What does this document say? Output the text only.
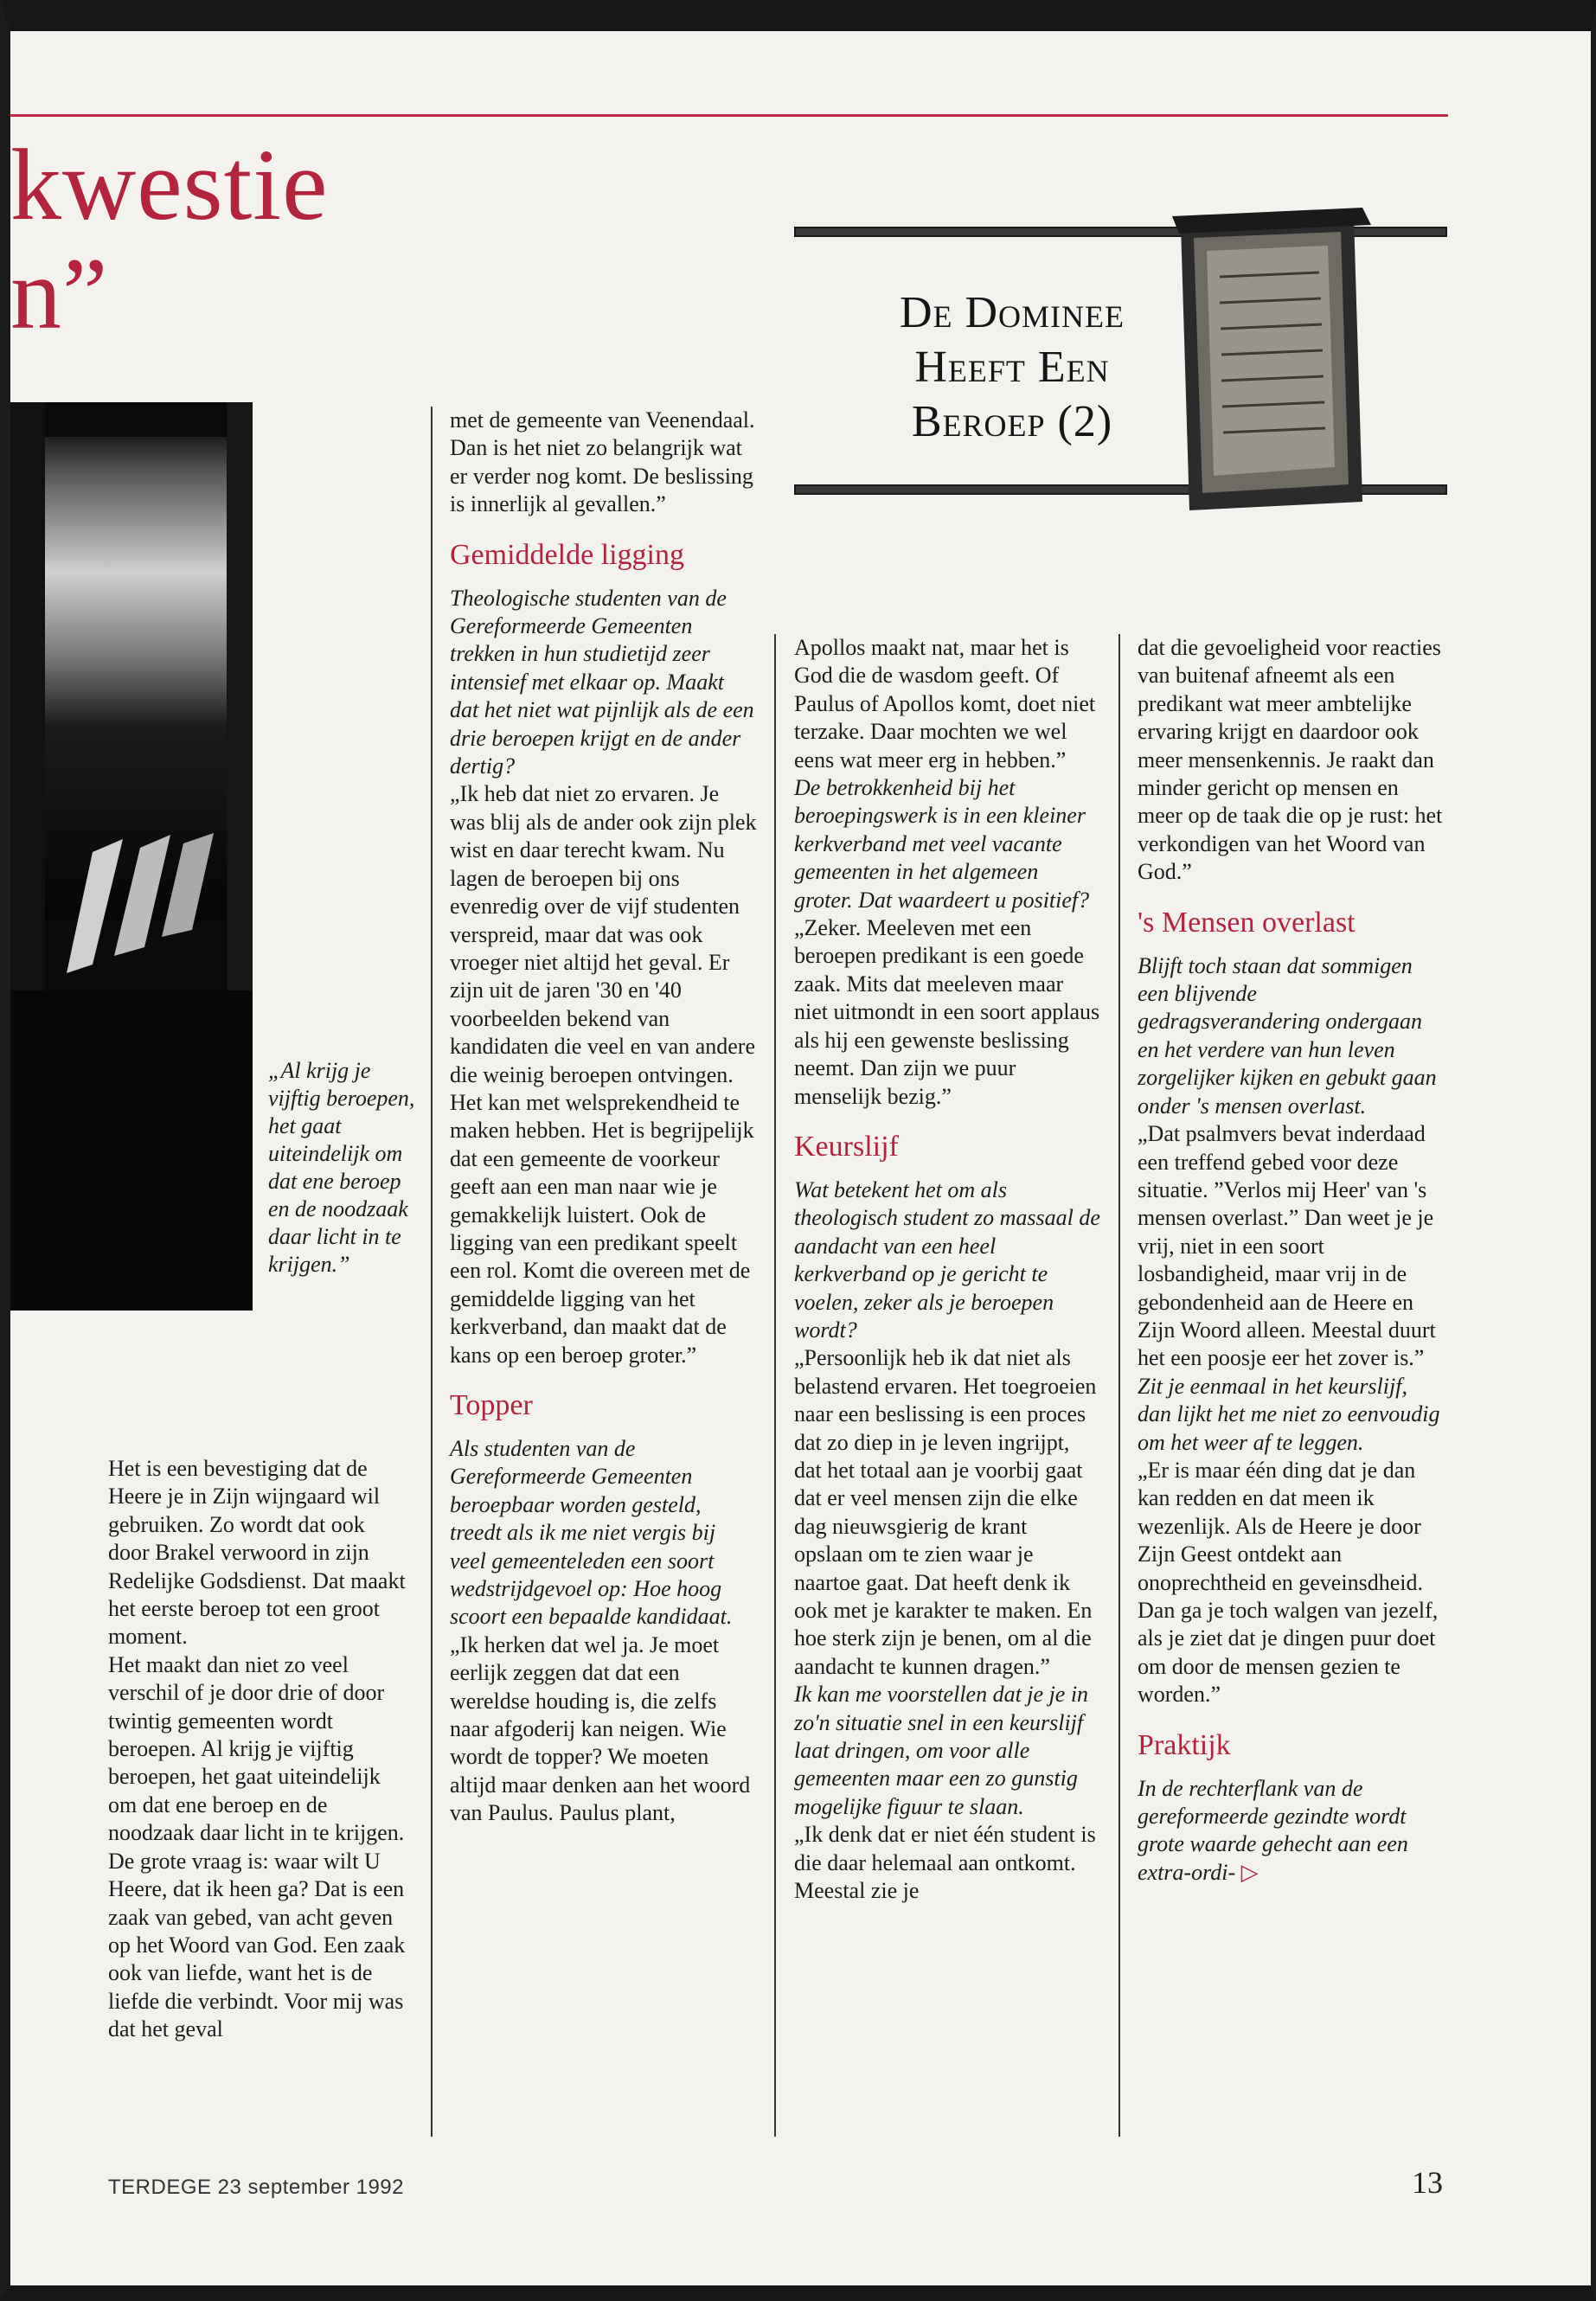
kwestie
n”	De Dominee
Heeft Een
Beroep (2)
„Al krijg je vijftig beroepen, het gaat uiteindelijk om dat ene beroep en de noodzaak daar licht in te krijgen.”

Het is een bevestiging dat de Heere je in Zijn wijngaard wil gebruiken. Zo wordt dat ook door Brakel verwoord in zijn Redelijke Godsdienst. Dat maakt het eerste beroep tot een groot moment.

Het maakt dan niet zo veel verschil of je door drie of door twintig gemeenten wordt beroepen. Al krijg je vijftig beroepen, het gaat uiteindelijk om dat ene beroep en de noodzaak daar licht in te krijgen.

De grote vraag is: waar wilt U Heere, dat ik heen ga? Dat is een zaak van gebed, van acht geven op het Woord van God. Een zaak ook van liefde, want het is de liefde die verbindt. Voor mij was dat het geval

met de gemeente van Veenendaal. Dan is het niet zo belangrijk wat er verder nog komt. De beslissing is innerlijk al gevallen.”

Gemiddelde ligging

Theologische studenten van de Gereformeerde Gemeenten trekken in hun studietijd zeer intensief met elkaar op. Maakt dat het niet wat pijnlijk als de een drie beroepen krijgt en de ander dertig?

„Ik heb dat niet zo ervaren. Je was blij als de ander ook zijn plek wist en daar terecht kwam. Nu lagen de beroepen bij ons evenredig over de vijf studenten verspreid, maar dat was ook vroeger niet altijd het geval. Er zijn uit de jaren '30 en '40 voorbeelden bekend van kandidaten die veel en van andere die weinig beroepen ontvingen.

Het kan met welsprekendheid te maken hebben. Het is begrijpelijk dat een gemeente de voorkeur geeft aan een man naar wie je gemakkelijk luistert. Ook de ligging van een predikant speelt een rol. Komt die overeen met de gemiddelde ligging van het kerkverband, dan maakt dat de kans op een beroep groter.”

Topper

Als studenten van de Gereformeerde Gemeenten beroepbaar worden gesteld, treedt als ik me niet vergis bij veel gemeenteleden een soort wedstrijdgevoel op: Hoe hoog scoort een bepaalde kandidaat.

„Ik herken dat wel ja. Je moet eerlijk zeggen dat dat een wereldse houding is, die zelfs naar afgoderij kan neigen. Wie wordt de topper? We moeten altijd maar denken aan het woord van Paulus. Paulus plant,

Apollos maakt nat, maar het is God die de wasdom geeft. Of Paulus of Apollos komt, doet niet terzake. Daar mochten we wel eens wat meer erg in hebben.”

De betrokkenheid bij het beroepingswerk is in een kleiner kerkverband met veel vacante gemeenten in het algemeen groter. Dat waardeert u positief?

„Zeker. Meeleven met een beroepen predikant is een goede zaak. Mits dat meeleven maar niet uitmondt in een soort applaus als hij een gewenste beslissing neemt. Dan zijn we puur menselijk bezig.”

Keurslijf

Wat betekent het om als theologisch student zo massaal de aandacht van een heel kerkverband op je gericht te voelen, zeker als je beroepen wordt?

„Persoonlijk heb ik dat niet als belastend ervaren. Het toegroeien naar een beslissing is een proces dat zo diep in je leven ingrijpt, dat het totaal aan je voorbij gaat dat er veel mensen zijn die elke dag nieuwsgierig de krant opslaan om te zien waar je naartoe gaat. Dat heeft denk ik ook met je karakter te maken. En hoe sterk zijn je benen, om al die aandacht te kunnen dragen.”

Ik kan me voorstellen dat je je in zo'n situatie snel in een keurslijf laat dringen, om voor alle gemeenten maar een zo gunstig mogelijke figuur te slaan.

„Ik denk dat er niet één student is die daar helemaal aan ontkomt. Meestal zie je

dat die gevoeligheid voor reacties van buitenaf afneemt als een predikant wat meer ambtelijke ervaring krijgt en daardoor ook meer mensenkennis. Je raakt dan minder gericht op mensen en meer op de taak die op je rust: het verkondigen van het Woord van God.”

's Mensen overlast

Blijft toch staan dat sommigen een blijvende gedragsverandering ondergaan en het verdere van hun leven zorgelijker kijken en gebukt gaan onder 's mensen overlast.

„Dat psalmvers bevat inderdaad een treffend gebed voor deze situatie. ”Verlos mij Heer' van 's mensen overlast.” Dan weet je je vrij, niet in een soort losbandigheid, maar vrij in de gebondenheid aan de Heere en Zijn Woord alleen. Meestal duurt het een poosje eer het zover is.”

Zit je eenmaal in het keurslijf, dan lijkt het me niet zo eenvoudig om het weer af te leggen.

„Er is maar één ding dat je dan kan redden en dat meen ik wezenlijk. Als de Heere je door Zijn Geest ontdekt aan onoprechtheid en geveinsdheid. Dan ga je toch walgen van jezelf, als je ziet dat je dingen puur doet om door de mensen gezien te worden.”

Praktijk

In de rechterflank van de gereformeerde gezindte wordt grote waarde gehecht aan een extra-ordi- ▷

TERDEGE 23 september 1992	13
